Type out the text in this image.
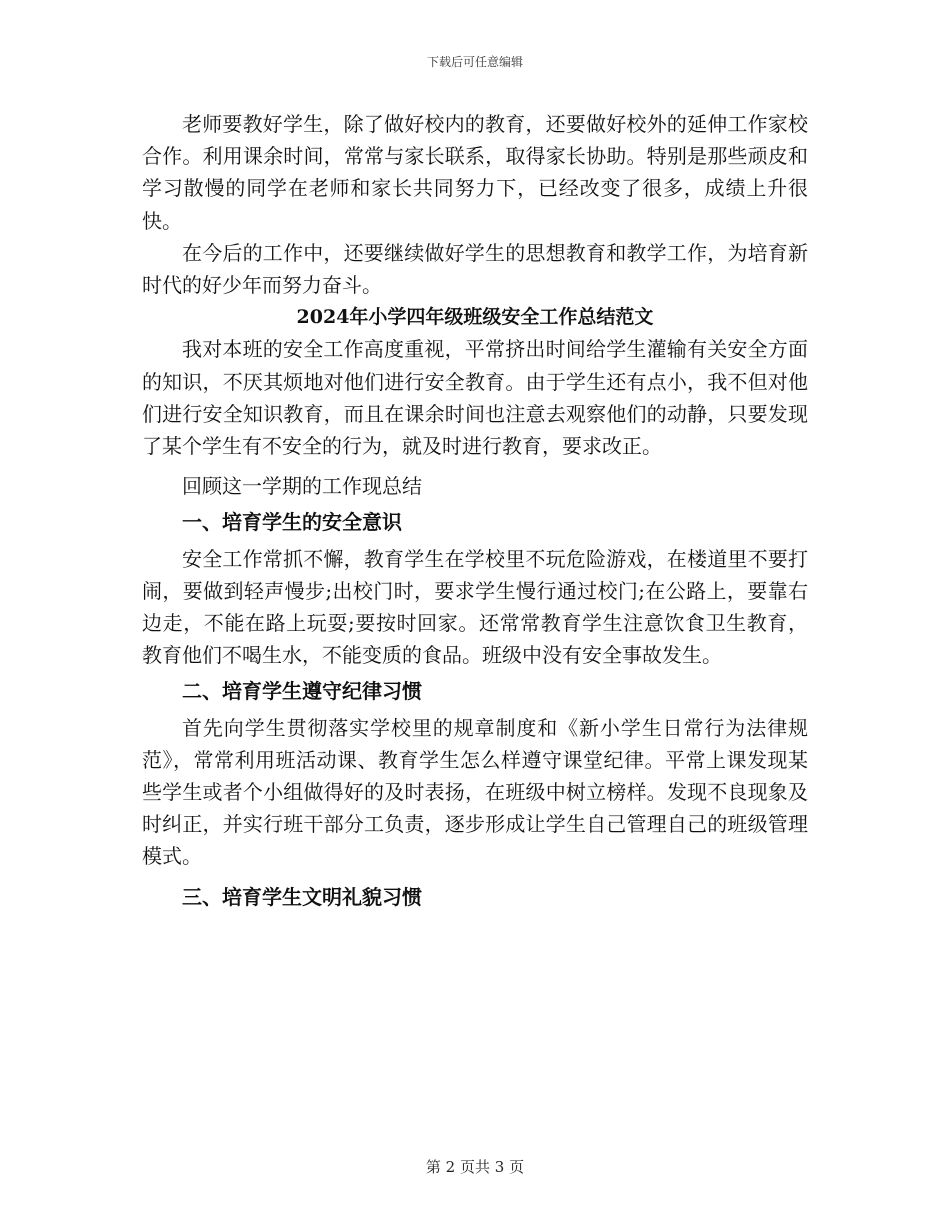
下载后可任意编辑

老师要教好学生，除了做好校内的教育，还要做好校外的延伸工作家校合作。利用课余时间，常常与家长联系，取得家长协助。特别是那些顽皮和学习散慢的同学在老师和家长共同努力下，已经改变了很多，成绩上升很快。

在今后的工作中，还要继续做好学生的思想教育和教学工作，为培育新时代的好少年而努力奋斗。

2024年小学四年级班级安全工作总结范文

我对本班的安全工作高度重视，平常挤出时间给学生灌输有关安全方面的知识，不厌其烦地对他们进行安全教育。由于学生还有点小，我不但对他们进行安全知识教育，而且在课余时间也注意去观察他们的动静，只要发现了某个学生有不安全的行为，就及时进行教育，要求改正。

回顾这一学期的工作现总结

一、培育学生的安全意识

安全工作常抓不懈，教育学生在学校里不玩危险游戏，在楼道里不要打闹，要做到轻声慢步;出校门时，要求学生慢行通过校门;在公路上，要靠右边走，不能在路上玩耍;要按时回家。还常常教育学生注意饮食卫生教育，教育他们不喝生水，不能变质的食品。班级中没有安全事故发生。

二、培育学生遵守纪律习惯

首先向学生贯彻落实学校里的规章制度和《新小学生日常行为法律规范》，常常利用班活动课、教育学生怎么样遵守课堂纪律。平常上课发现某些学生或者个小组做得好的及时表扬，在班级中树立榜样。发现不良现象及时纠正，并实行班干部分工负责，逐步形成让学生自己管理自己的班级管理模式。

三、培育学生文明礼貌习惯

第 2 页共 3 页
